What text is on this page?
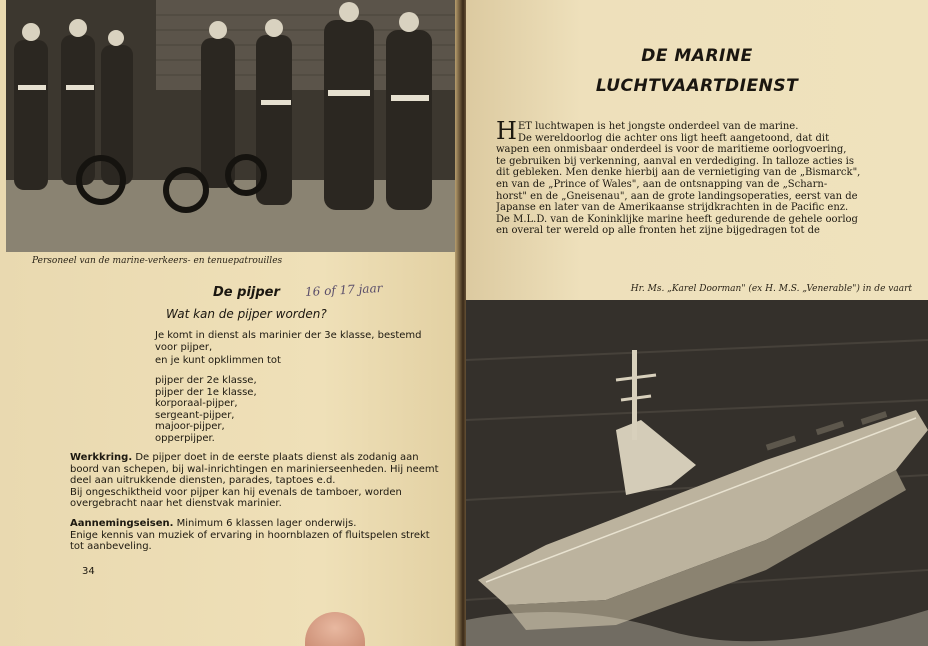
Personeel van de marine-verkeers- en tenuepatrouilles
De pijper 16 of 17 jaar
Wat kan de pijper worden?
Je komt in dienst als marinier der 3e klasse, bestemd
voor pijper,
en je kunt opklimmen tot
pijper der 2e klasse,
pijper der 1e klasse,
korporaal-pijper,
sergeant-pijper,
majoor-pijper,
opperpijper.
Werkkring. De pijper doet in de eerste plaats dienst als zodanig aan
boord van schepen, bij wal-inrichtingen en marinierseenheden. Hij neemt
deel aan uitrukkende diensten, parades, taptoes e.d.
Bij ongeschiktheid voor pijper kan hij evenals de tamboer, worden
overgebracht naar het dienstvak marinier.
Aannemingseisen. Minimum 6 klassen lager onderwijs.
Enige kennis van muziek of ervaring in hoornblazen of fluitspelen strekt
tot aanbeveling.
34
DE MARINE
LUCHTVAARTDIENST
H ET luchtwapen is het jongste onderdeel van de marine.
De wereldoorlog die achter ons ligt heeft aangetoond, dat dit
wapen een onmisbaar onderdeel is voor de maritieme oorlogvoering,
te gebruiken bij verkenning, aanval en verdediging. In talloze acties is
dit gebleken. Men denke hierbij aan de vernietiging van de „Bismarck",
en van de „Prince of Wales", aan de ontsnapping van de „Scharn-
horst" en de „Gneisenau", aan de grote landingsoperaties, eerst van de
Japanse en later van de Amerikaanse strijdkrachten in de Pacific enz.
De M.L.D. van de Koninklijke marine heeft gedurende de gehele oorlog
en overal ter wereld op alle fronten het zijne bijgedragen tot de
Hr. Ms. „Karel Doorman" (ex H. M.S. „Venerable") in de vaart
